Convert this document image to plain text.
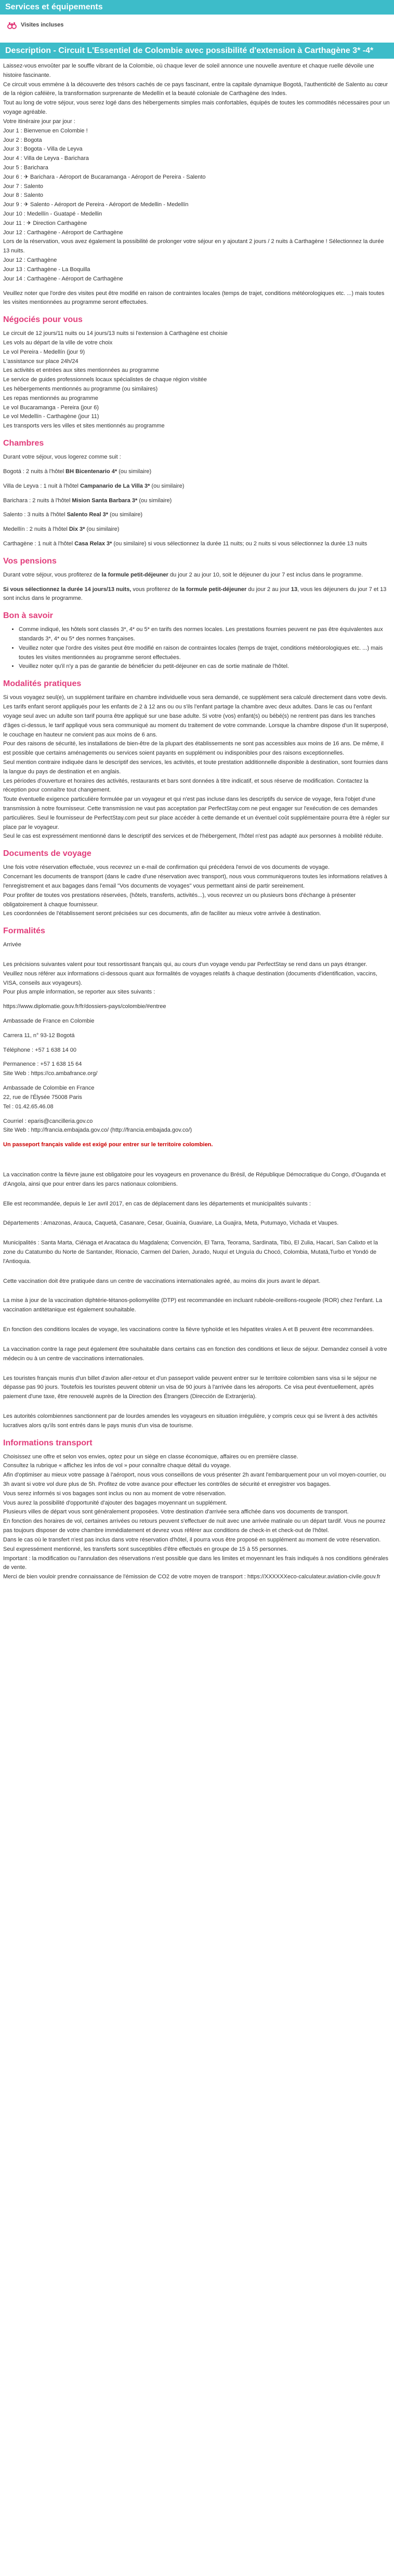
Services et équipements
Visites incluses
Description - Circuit L'Essentiel de Colombie avec possibilité d'extension à Carthagène 3* -4*

Laissez-vous envoûter par le souffle vibrant de la Colombie, où chaque lever de soleil annonce une nouvelle aventure et chaque ruelle dévoile une histoire fascinante.

Ce circuit vous emmène à la découverte des trésors cachés de ce pays fascinant, entre la capitale dynamique Bogotá, l'authenticité de Salento au cœur de la région caféière, la transformation surprenante de Medellín et la beauté coloniale de Carthagène des Indes.

Tout au long de votre séjour, vous serez logé dans des hébergements simples mais confortables, équipés de toutes les commodités nécessaires pour un voyage agréable.

Votre itinéraire jour par jour :
Jour 1 : Bienvenue en Colombie !
Jour 2 : Bogota
Jour 3 : Bogota - Villa de Leyva
Jour 4 : Villa de Leyva - Barichara
Jour 5 : Barichara
Jour 6 : ✈ Barichara - Aéroport de Bucaramanga - Aéroport de Pereira - Salento
Jour 7 : Salento
Jour 8 : Salento
Jour 9 : ✈ Salento - Aéroport de Pereira - Aéroport de Medellin - Medellín
Jour 10 : Medellín - Guatapé - Medellin
Jour 11 : ✈ Direction Carthagène
Jour 12 : Carthagène - Aéroport de Carthagène

Lors de la réservation, vous avez également la possibilité de prolonger votre séjour en y ajoutant 2 jours / 2 nuits à Carthagène ! Sélectionnez la durée 13 nuits.

Jour 12 : Carthagène
Jour 13 : Carthagène - La Boquilla
Jour 14 : Carthagène - Aéroport de Carthagène

Veuillez noter que l'ordre des visites peut être modifié en raison de contraintes locales (temps de trajet, conditions météorologiques etc. ...) mais toutes les visites mentionnées au programme seront effectuées.

Négociés pour vous
Le circuit de 12 jours/11 nuits ou 14 jours/13 nuits si l'extension à Carthagène est choisie
Les vols au départ de la ville de votre choix
Le vol Pereira - Medellín (jour 9)
L'assistance sur place 24h/24
Les activités et entrées aux sites mentionnées au programme
Le service de guides professionnels locaux spécialistes de chaque région visitée
Les hébergements mentionnés au programme (ou similaires)
Les repas mentionnés au programme
Le vol Bucaramanga - Pereira (jour 6)
Le vol Medellín - Carthagène (jour 11)
Les transports vers les villes et sites mentionnés au programme
Chambres

Durant votre séjour, vous logerez comme suit :

Bogotá : 2 nuits à l'hôtel BH Bicentenario 4* (ou similaire)

Villa de Leyva : 1 nuit à l'hôtel Campanario de La Villa 3* (ou similaire)

Barichara : 2 nuits à l'hôtel Mision Santa Barbara 3* (ou similaire)

Salento : 3 nuits à l'hôtel Salento Real 3* (ou similaire)

Medellín : 2 nuits à l'hôtel Dix 3* (ou similaire)

Carthagène : 1 nuit à l'hôtel Casa Relax 3* (ou similaire) si vous sélectionnez la durée 11 nuits; ou 2 nuits si vous sélectionnez la durée 13 nuits

Vos pensions

Durant votre séjour, vous profiterez de la formule petit-déjeuner du jour 2 au jour 10, soit le déjeuner du jour 7 est inclus dans le programme.

Si vous sélectionnez la durée 14 jours/13 nuits, vous profiterez de la formule petit-déjeuner du jour 2 au jour 13, vous les déjeuners du jour 7 et 13 sont inclus dans le programme.

Bon à savoir
• Comme indiqué, les hôtels sont classés 3*, 4* ou 5* en tarifs des normes locales. Les prestations fournies peuvent ne pas être équivalentes aux standards 3*, 4* ou 5* des normes françaises.
• Veuillez noter que l'ordre des visites peut être modifié en raison de contraintes locales (temps de trajet, conditions météorologiques etc. ...) mais toutes les visites mentionnées au programme seront effectuées.
• Veuillez noter qu'il n'y a pas de garantie de bénéficier du petit-déjeuner en cas de sortie matinale de l'hôtel.
Modalités pratiques

Si vous voyagez seul(e), un supplément tarifaire en chambre individuelle vous sera demandé, ce supplément sera calculé directement dans votre devis.

Les tarifs enfant seront appliqués pour les enfants de 2 à 12 ans ou ou s'ils l'enfant partage la chambre avec deux adultes. Dans le cas ou l'enfant voyage seul avec un adulte son tarif pourra être appliqué sur une base adulte. Si votre (vos) enfant(s) ou bébé(s) ne rentrent pas dans les tranches d'âges ci-dessus, le tarif appliqué vous sera communiqué au moment du traitement de votre commande. Lorsque la chambre dispose d'un lit superposé, le couchage en hauteur ne convient pas aux moins de 6 ans.

Pour des raisons de sécurité, les installations de bien-être de la plupart des établissements ne sont pas accessibles aux moins de 16 ans. De même, il est possible que certains aménagements ou services soient payants en supplément ou indisponibles pour des raisons exceptionnelles.

Seul mention contraire indiquée dans le descriptif des services, les activités, et toute prestation additionnelle disponible à destination, sont fournies dans la langue du pays de destination et en anglais.

Les périodes d'ouverture et horaires des activités, restaurants et bars sont données à titre indicatif, et sous réserve de modification. Contactez la réception pour connaître tout changement.

Toute éventuelle exigence particulière formulée par un voyageur et qui n'est pas incluse dans les descriptifs du service de voyage, fera l'objet d'une transmission à notre fournisseur. Cette transmission ne vaut pas acceptation par PerfectStay.com ne peut engager sur l'exécution de ces demandes particulières. Seul le fournisseur de PerfectStay.com peut sur place accéder à cette demande et un éventuel coût supplémentaire pourra être à régler sur place par le voyageur.

Seul le cas est expressément mentionné dans le descriptif des services et de l'hébergement, l'hôtel n'est pas adapté aux personnes à mobilité réduite.

Documents de voyage

Une fois votre réservation effectuée, vous recevrez un e-mail de confirmation qui précédera l'envoi de vos documents de voyage.

Concernant les documents de transport (dans le cadre d'une réservation avec transport), nous vous communiquerons toutes les informations relatives à l'enregistrement et aux bagages dans l'email "Vos documents de voyages" vous permettant ainsi de partir sereinement.

Pour profiter de toutes vos prestations réservées, (hôtels, transferts, activités...), vous recevrez un ou plusieurs bons d'échange à présenter obligatoirement à chaque fournisseur.

Les coordonnées de l'établissement seront précisées sur ces documents, afin de faciliter au mieux votre arrivée à destination.

Formalités

Arrivée

Les précisions suivantes valent pour tout ressortissant français qui, au cours d'un voyage vendu par PerfectStay se rend dans un pays étranger.

Veuillez nous référer aux informations ci-dessous quant aux formalités de voyages relatifs à chaque destination (documents d'identification, vaccins, VISA, conseils aux voyageurs).

Pour plus ample information, se reporter aux sites suivants :

https://www.diplomatie.gouv.fr/fr/dossiers-pays/colombie/#entree

Ambassade de France en Colombie

Carrera 11, n° 93-12 Bogotá

Téléphone : +57 1 638 14 00

Permanence : +57 1 638 15 64
Site Web : https://co.ambafrance.org/

Ambassade de Colombie en France

22, rue de l'Élysée 75008 Paris
Tel : 01.42.65.46.08
Courriel : eparis@cancilleria.gov.co
Site Web : http://francia.embajada.gov.co/ (http://francia.embajada.gov.co/)

Un passeport français valide est exigé pour entrer sur le territoire colombien.

La vaccination contre la fièvre jaune est obligatoire pour les voyageurs en provenance du Brésil, de République Démocratique du Congo, d'Ouganda et d'Angola, ainsi que pour entrer dans les parcs nationaux colombiens.

Elle est recommandée, depuis le 1er avril 2017, en cas de déplacement dans les départements et municipalités suivants :

Départements : Amazonas, Arauca, Caquetá, Casanare, Cesar, Guainía, Guaviare, La Guajira, Meta, Putumayo, Vichada et Vaupes.

Municipalités : Santa Marta, Ciénaga et Aracataca du Magdalena; Convención, El Tarra, Teorama, Sardinata, Tibú, El Zulia, Hacarí, San Calixto et la zone du Catatumbo du Norte de Santander, Rionacio, Carmen del Darien, Jurado, Nuquí et Unguía du Chocó, Colombia, Mutatá,Turbo et Yondó de l'Antioquia.

Cette vaccination doit être pratiquée dans un centre de vaccinations internationales agréé, au moins dix jours avant le départ.

La mise à jour de la vaccination diphtérie-tétanos-poliomyélite (DTP) est recommandée en incluant rubéole-oreillons-rougeole (ROR) chez l'enfant. La vaccination antitétanique est également souhaitable.

En fonction des conditions locales de voyage, les vaccinations contre la fièvre typhoïde et les hépatites virales A et B peuvent être recommandées.

La vaccination contre la rage peut également être souhaitable dans certains cas en fonction des conditions et lieux de séjour. Demandez conseil à votre médecin ou à un centre de vaccinations internationales.

Les touristes français munis d'un billet d'avion aller-retour et d'un passeport valide peuvent entrer sur le territoire colombien sans visa si le séjour ne dépasse pas 90 jours. Toutefois les touristes peuvent obtenir un visa de 90 jours à l'arrivée dans les aéroports. Ce visa peut éventuellement, après paiement d'une taxe, être renouvelé auprès de la Direction des Étrangers (Dirección de Extranjería).

Les autorités colombiennes sanctionnent par de lourdes amendes les voyageurs en situation irrégulière, y compris ceux qui se livrent à des activités lucratives alors qu'ils sont entrés dans le pays munis d'un visa de tourisme.

Informations transport

Choisissez une offre et selon vos envies, optez pour un siège en classe économique, affaires ou en première classe.

Consultez la rubrique « affichez les infos de vol » pour connaître chaque détail du voyage.

Afin d'optimiser au mieux votre passage à l'aéroport, nous vous conseillons de vous présenter 2h avant l'embarquement pour un vol moyen-courrier, ou 3h avant si votre vol dure plus de 5h. Profitez de votre avance pour effectuer les contrôles de sécurité et enregistrer vos bagages.

Vous serez informés si vos bagages sont inclus ou non au moment de votre réservation.

Vous aurez la possibilité d'opportunité d'ajouter des bagages moyennant un supplément.

Plusieurs villes de départ vous sont généralement proposées. Votre destination d'arrivée sera affichée dans vos documents de transport.

En fonction des horaires de vol, certaines arrivées ou retours peuvent s'effectuer de nuit avec une arrivée matinale ou un départ tardif. Vous ne pourrez pas toujours disposer de votre chambre immédiatement et devrez vous référer aux conditions de check-in et check-out de l'hôtel.

Dans le cas où le transfert n'est pas inclus dans votre réservation d'hôtel, il pourra vous être proposé en supplément au moment de votre réservation. Seul expressément mentionné, les transferts sont susceptibles d'être effectués en groupe de 15 à 55 personnes.

Important : la modification ou l'annulation des réservations n'est possible que dans les limites et moyennant les frais indiqués à nos conditions générales de vente.

Merci de bien vouloir prendre connaissance de l'émission de CO2 de votre moyen de transport : https://XXXXXXeco-calculateur.aviation-civile.gouv.fr
